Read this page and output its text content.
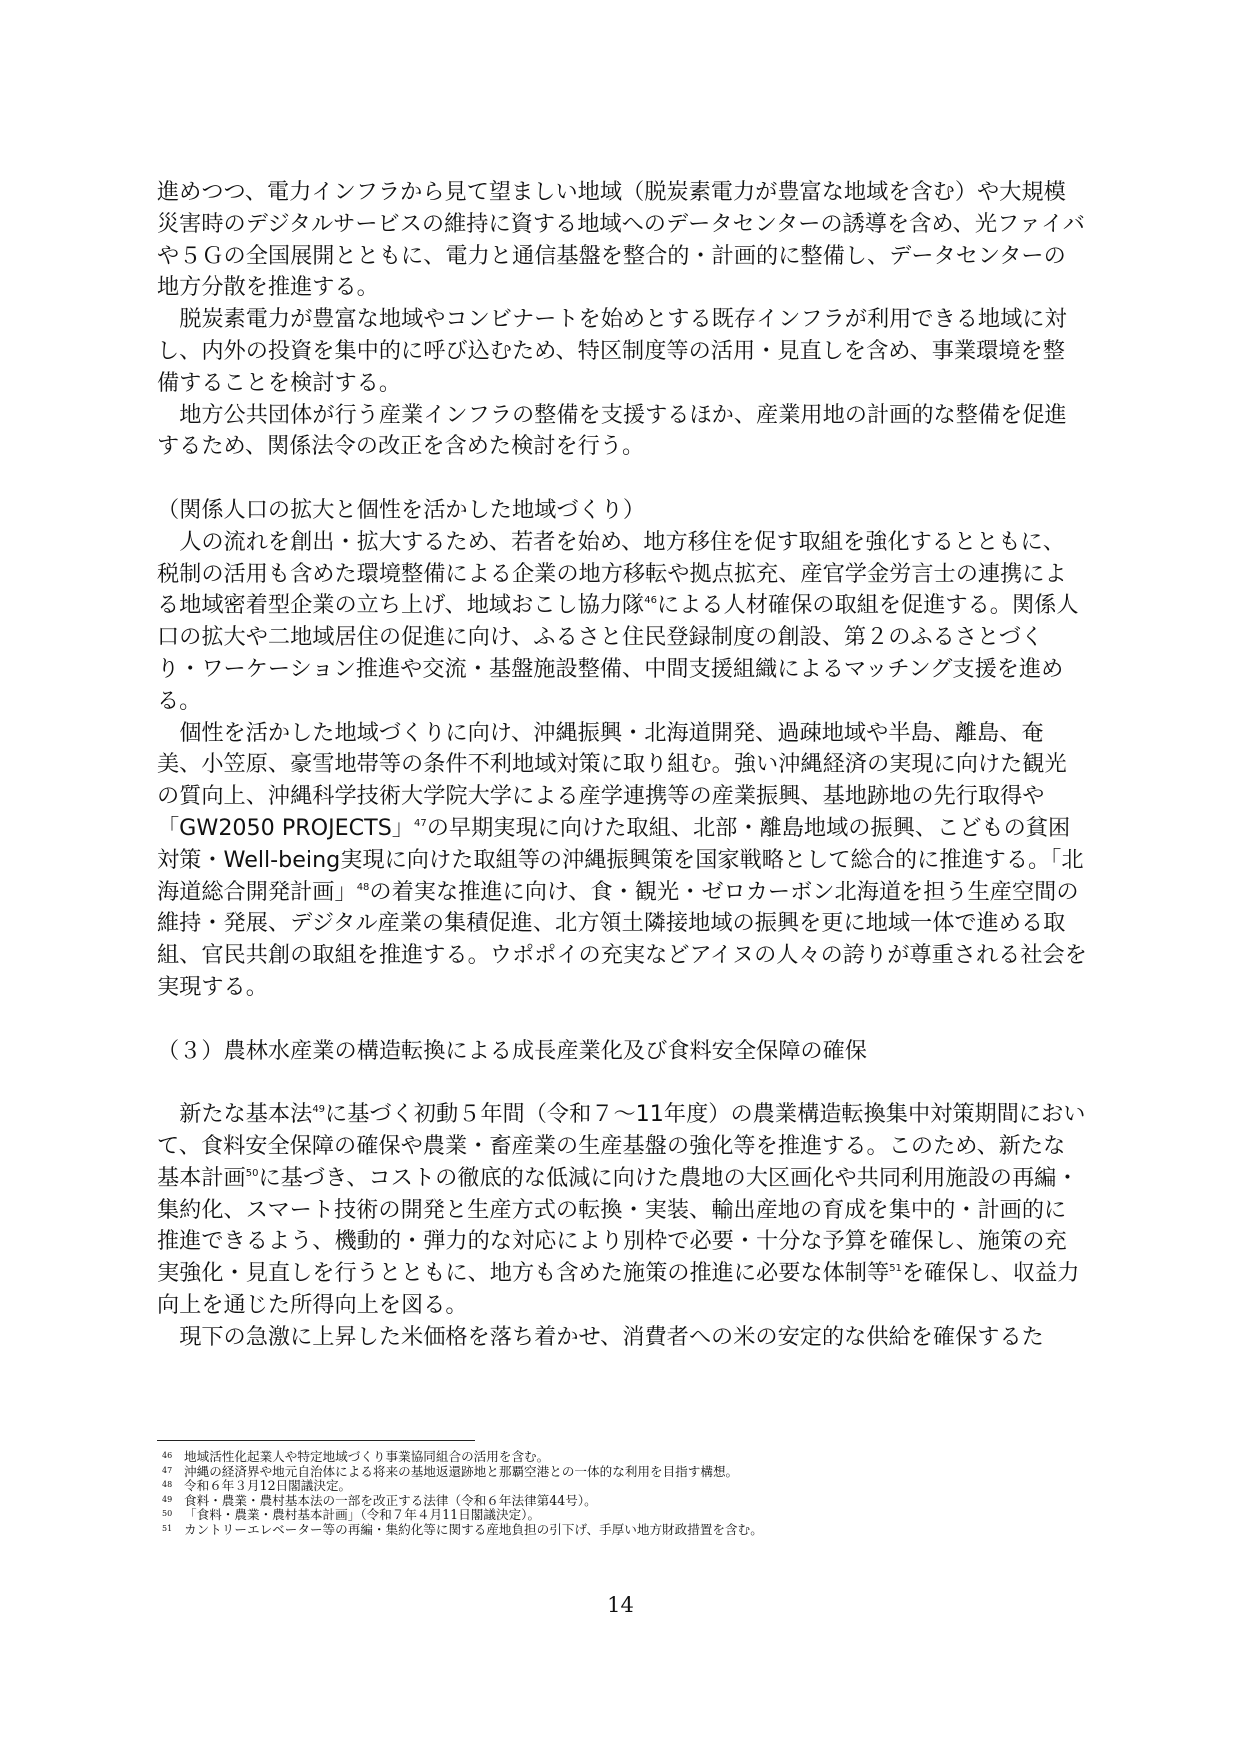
進めつつ、電力インフラから見て望ましい地域（脱炭素電力が豊富な地域を含む）や大規模災害時のデジタルサービスの維持に資する地域へのデータセンターの誘導を含め、光ファイバや５Ｇの全国展開とともに、電力と通信基盤を整合的・計画的に整備し、データセンターの地方分散を推進する。

脱炭素電力が豊富な地域やコンビナートを始めとする既存インフラが利用できる地域に対し、内外の投資を集中的に呼び込むため、特区制度等の活用・見直しを含め、事業環境を整備することを検討する。

地方公共団体が行う産業インフラの整備を支援するほか、産業用地の計画的な整備を促進するため、関係法令の改正を含めた検討を行う。

（関係人口の拡大と個性を活かした地域づくり）

人の流れを創出・拡大するため、若者を始め、地方移住を促す取組を強化するとともに、税制の活用も含めた環境整備による企業の地方移転や拠点拡充、産官学金労言士の連携による地域密着型企業の立ち上げ、地域おこし協力隊$^{46}$による人材確保の取組を促進する。関係人口の拡大や二地域居住の促進に向け、ふるさと住民登録制度の創設、第２のふるさとづくり・ワーケーション推進や交流・基盤施設整備、中間支援組織によるマッチング支援を進める。

個性を活かした地域づくりに向け、沖縄振興・北海道開発、過疎地域や半島、離島、奄美、小笠原、豪雪地帯等の条件不利地域対策に取り組む。強い沖縄経済の実現に向けた観光の質向上、沖縄科学技術大学院大学による産学連携等の産業振興、基地跡地の先行取得や「GW2050 PROJECTS」$^{47}$の早期実現に向けた取組、北部・離島地域の振興、こどもの貧困対策・Well-being実現に向けた取組等の沖縄振興策を国家戦略として総合的に推進する。「北海道総合開発計画」$^{48}$の着実な推進に向け、食・観光・ゼロカーボン北海道を担う生産空間の維持・発展、デジタル産業の集積促進、北方領土隣接地域の振興を更に地域一体で進める取組、官民共創の取組を推進する。ウポポイの充実などアイヌの人々の誇りが尊重される社会を実現する。

（３）農林水産業の構造転換による成長産業化及び食料安全保障の確保

新たな基本法$^{49}$に基づく初動５年間（令和７～11年度）の農業構造転換集中対策期間において、食料安全保障の確保や農業・畜産業の生産基盤の強化等を推進する。このため、新たな基本計画$^{50}$に基づき、コストの徹底的な低減に向けた農地の大区画化や共同利用施設の再編・集約化、スマート技術の開発と生産方式の転換・実装、輸出産地の育成を集中的・計画的に推進できるよう、機動的・弾力的な対応により別枠で必要・十分な予算を確保し、施策の充実強化・見直しを行うとともに、地方も含めた施策の推進に必要な体制等$^{51}$を確保し、収益力向上を通じた所得向上を図る。

現下の急激に上昇した米価格を落ち着かせ、消費者への米の安定的な供給を確保するた

46 地域活性化起業人や特定地域づくり事業協同組合の活用を含む。

47 沖縄の経済界や地元自治体による将来の基地返還跡地と那覇空港との一体的な利用を目指す構想。

48 令和６年３月12日閣議決定。

49 食料・農業・農村基本法の一部を改正する法律（令和６年法律第44号）。

50 「食料・農業・農村基本計画」（令和７年４月11日閣議決定）。

51 カントリーエレベーター等の再編・集約化等に関する産地負担の引下げ、手厚い地方財政措置を含む。

14
